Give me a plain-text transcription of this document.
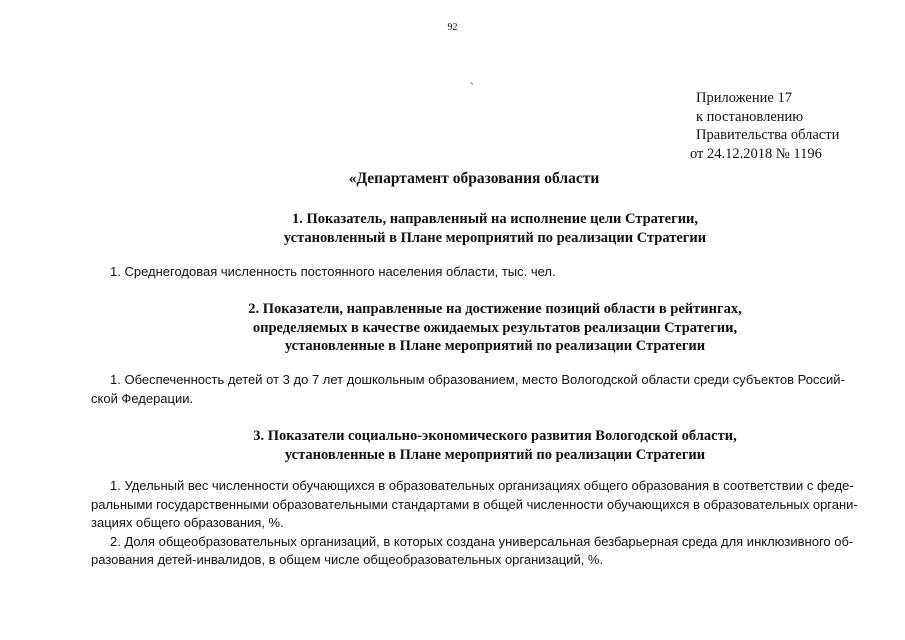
92
`
Приложение 17
к постановлению
Правительства области
от 24.12.2018 № 1196
«Департамент образования области
1. Показатель, направленный на исполнение цели Стратегии,
установленный в Плане мероприятий по реализации Стратегии
1. Среднегодовая численность постоянного населения области, тыс. чел.
2. Показатели, направленные на достижение позиций области в рейтингах,
определяемых в качестве ожидаемых результатов реализации Стратегии,
установленные в Плане мероприятий по реализации Стратегии
1. Обеспеченность детей от 3 до 7 лет дошкольным образованием, место Вологодской области среди субъектов Россий-
ской Федерации.
3. Показатели социально-экономического развития Вологодской области,
установленные в Плане мероприятий по реализации Стратегии
1. Удельный вес численности обучающихся в образовательных организациях общего образования в соответствии с феде-
ральными государственными образовательными стандартами в общей численности обучающихся в образовательных органи-
зациях общего образования, %.
2. Доля общеобразовательных организаций, в которых создана универсальная безбарьерная среда для инклюзивного об-
разования детей-инвалидов, в общем числе общеобразовательных организаций, %.
